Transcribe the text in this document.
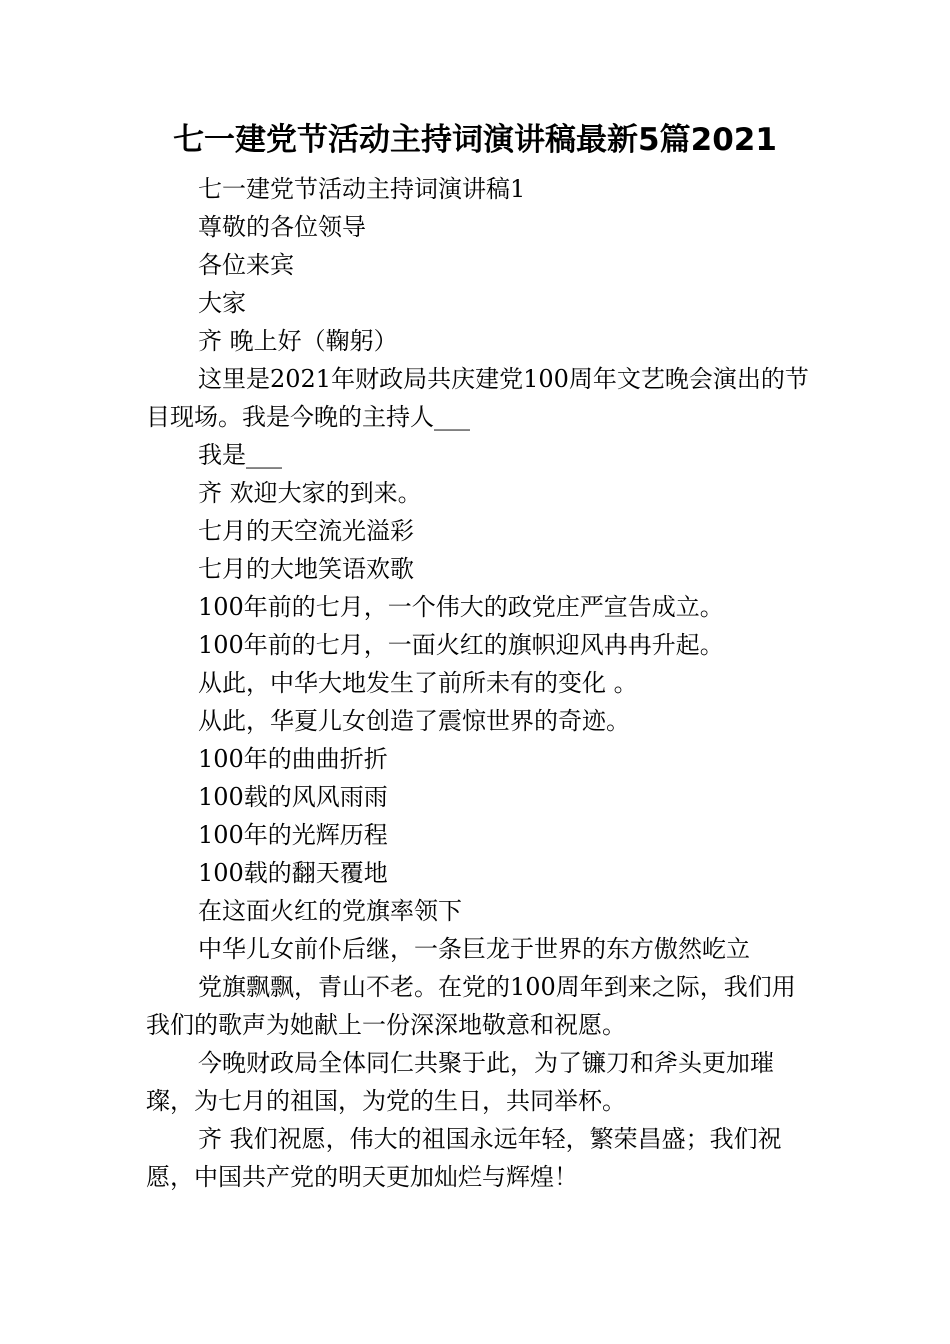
七一建党节活动主持词演讲稿最新5篇2021

七一建党节活动主持词演讲稿1

尊敬的各位领导

各位来宾

大家

齐 晚上好（鞠躬）

这里是2021年财政局共庆建党100周年文艺晚会演出的节目现场。我是今晚的主持人___

我是___

齐 欢迎大家的到来。

七月的天空流光溢彩

七月的大地笑语欢歌

100年前的七月，一个伟大的政党庄严宣告成立。

100年前的七月，一面火红的旗帜迎风冉冉升起。

从此，中华大地发生了前所未有的变化 。

从此，华夏儿女创造了震惊世界的奇迹。

100年的曲曲折折

100载的风风雨雨

100年的光辉历程

100载的翻天覆地

在这面火红的党旗率领下

中华儿女前仆后继，一条巨龙于世界的东方傲然屹立

党旗飘飘，青山不老。在党的100周年到来之际，我们用我们的歌声为她献上一份深深地敬意和祝愿。

今晚财政局全体同仁共聚于此，为了镰刀和斧头更加璀璨，为七月的祖国，为党的生日，共同举杯。

齐 我们祝愿，伟大的祖国永远年轻，繁荣昌盛；我们祝愿，中国共产党的明天更加灿烂与辉煌！
